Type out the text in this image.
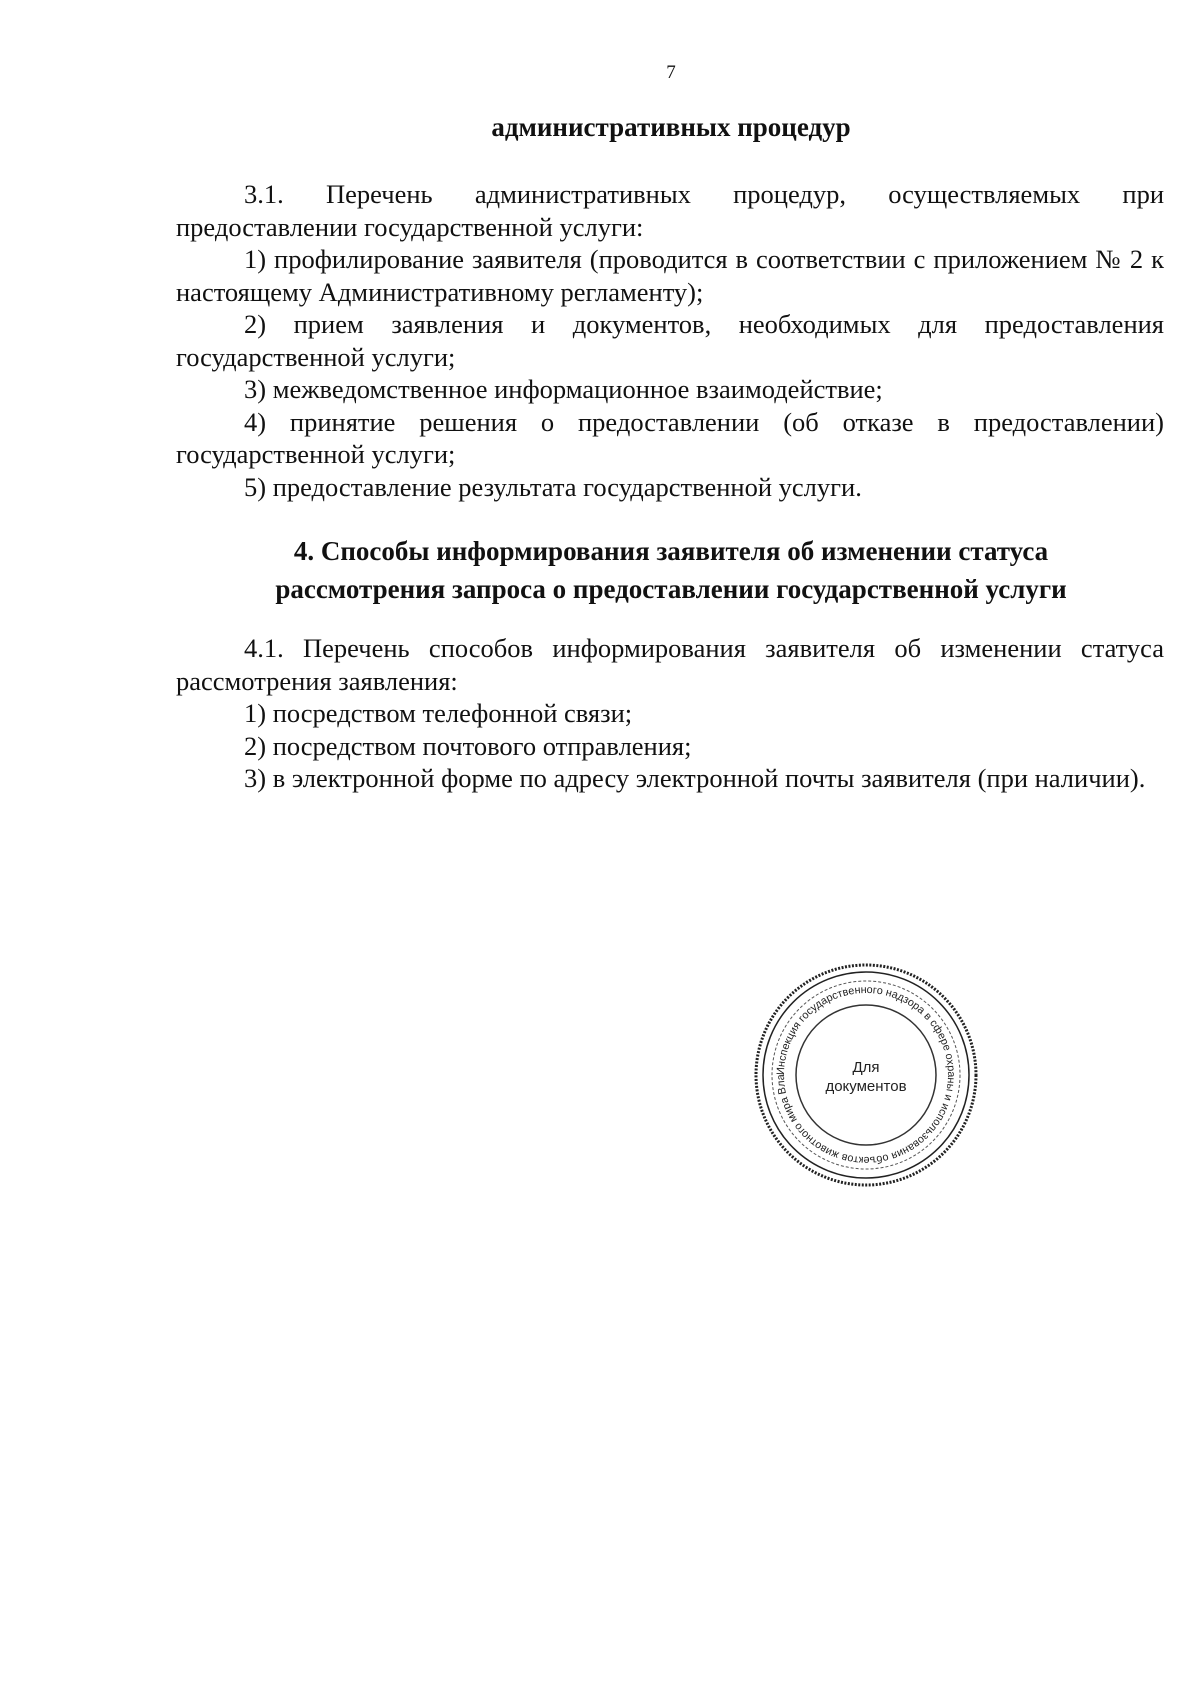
7
административных процедур

3.1. Перечень административных процедур, осуществляемых при предоставлении государственной услуги:

1) профилирование заявителя (проводится в соответствии с приложением № 2 к настоящему Административному регламенту);

2) прием заявления и документов, необходимых для предоставления государственной услуги;

3) межведомственное информационное взаимодействие;

4) принятие решения о предоставлении (об отказе в предоставлении) государственной услуги;

5) предоставление результата государственной услуги.

4. Способы информирования заявителя об изменении статуса
рассмотрения запроса о предоставлении государственной услуги

4.1. Перечень способов информирования заявителя об изменении статуса рассмотрения заявления:

1) посредством телефонной связи;

2) посредством почтового отправления;

3) в электронной форме по адресу электронной почты заявителя (при наличии).

Инспекция государственного надзора в сфере охраны и использования объектов животного мира Вла
Для
документов
